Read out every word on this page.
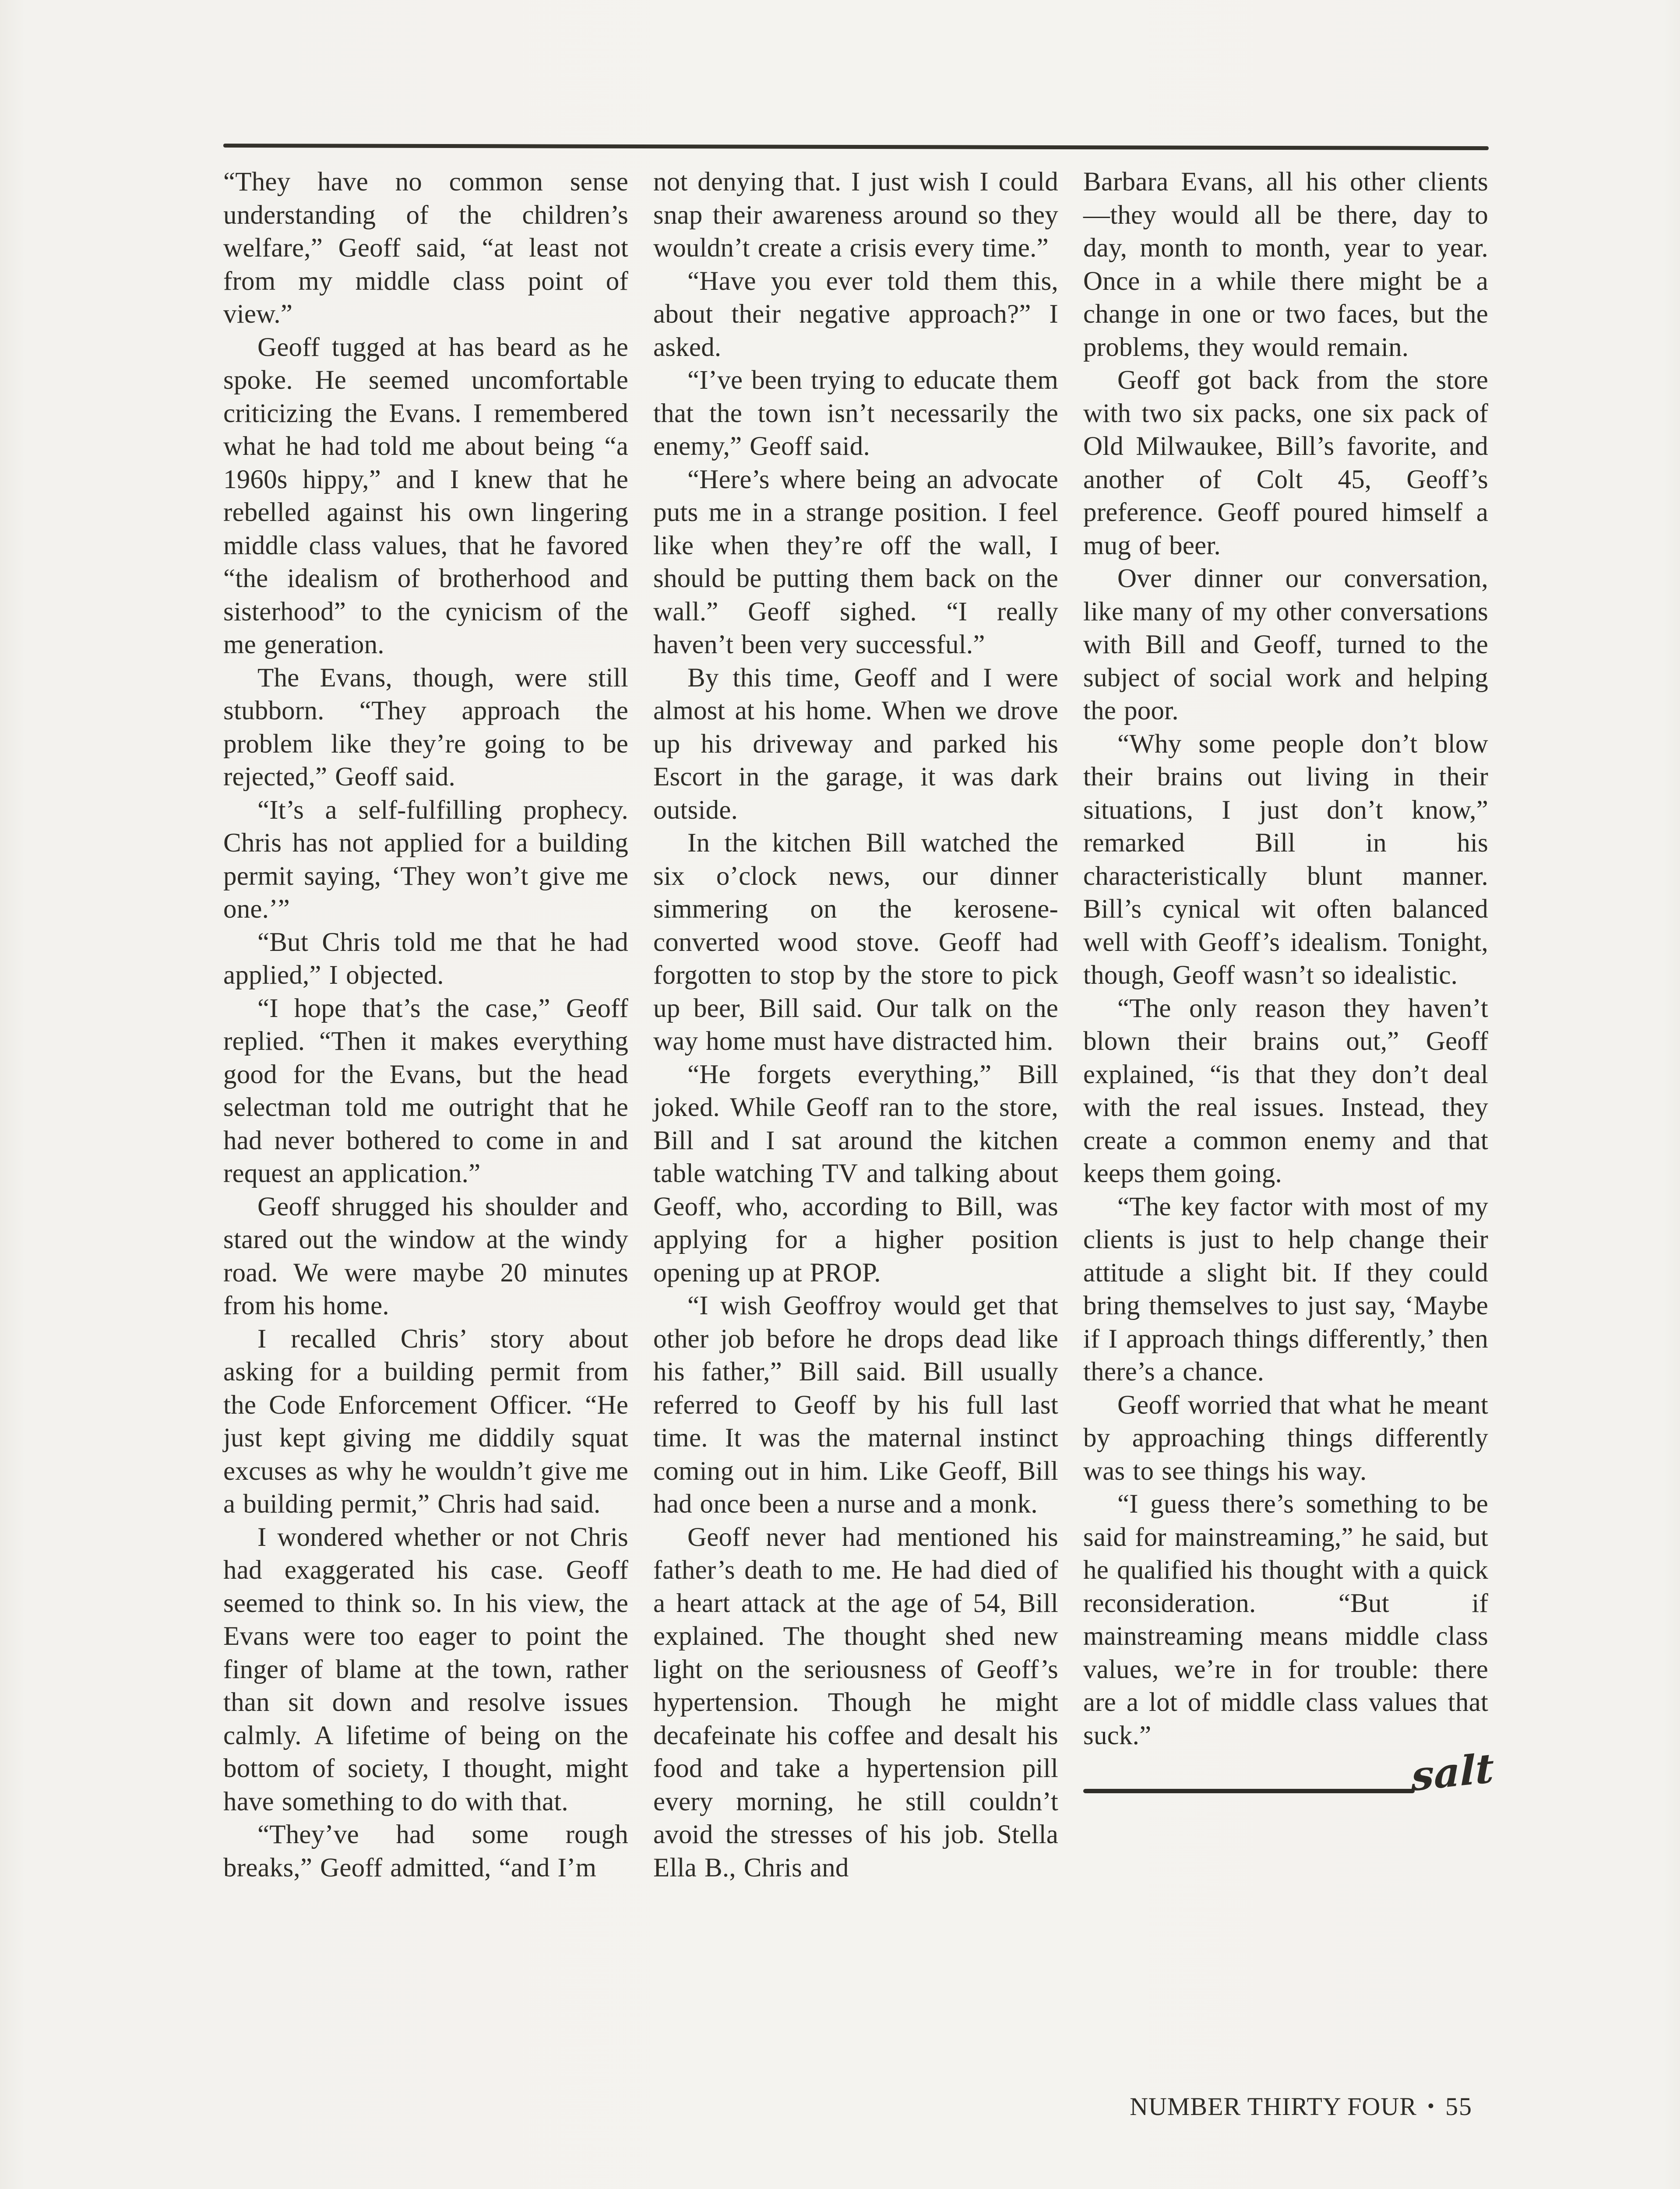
“They have no common sense understanding of the children’s welfare,” Geoff said, “at least not from my middle class point of view.”

Geoff tugged at has beard as he spoke. He seemed uncomfortable criticizing the Evans. I remembered what he had told me about being “a 1960s hippy,” and I knew that he rebelled against his own lingering middle class values, that he favored “the idealism of brotherhood and sisterhood” to the cynicism of the me generation.

The Evans, though, were still stubborn. “They approach the problem like they’re going to be rejected,” Geoff said.

“It’s a self-fulfilling prophecy. Chris has not applied for a building permit saying, ‘They won’t give me one.’”

“But Chris told me that he had applied,” I objected.

“I hope that’s the case,” Geoff replied. “Then it makes everything good for the Evans, but the head selectman told me outright that he had never bothered to come in and request an application.”

Geoff shrugged his shoulder and stared out the window at the windy road. We were maybe 20 minutes from his home.

I recalled Chris’ story about asking for a building permit from the Code Enforcement Officer. “He just kept giving me diddily squat excuses as why he wouldn’t give me a building permit,” Chris had said.

I wondered whether or not Chris had exaggerated his case. Geoff seemed to think so. In his view, the Evans were too eager to point the finger of blame at the town, rather than sit down and resolve issues calmly. A lifetime of being on the bottom of society, I thought, might have something to do with that.

“They’ve had some rough breaks,” Geoff admitted, “and I’m

not denying that. I just wish I could snap their awareness around so they wouldn’t create a crisis every time.”

“Have you ever told them this, about their negative approach?” I asked.

“I’ve been trying to educate them that the town isn’t necessarily the enemy,” Geoff said.

“Here’s where being an advocate puts me in a strange position. I feel like when they’re off the wall, I should be putting them back on the wall.” Geoff sighed. “I really haven’t been very successful.”

By this time, Geoff and I were almost at his home. When we drove up his driveway and parked his Escort in the garage, it was dark outside.

In the kitchen Bill watched the six o’clock news, our dinner simmering on the kerosene-converted wood stove. Geoff had forgotten to stop by the store to pick up beer, Bill said. Our talk on the way home must have distracted him.

“He forgets everything,” Bill joked. While Geoff ran to the store, Bill and I sat around the kitchen table watching TV and talking about Geoff, who, according to Bill, was applying for a higher position opening up at PROP.

“I wish Geoffroy would get that other job before he drops dead like his father,” Bill said. Bill usually referred to Geoff by his full last time. It was the maternal instinct coming out in him. Like Geoff, Bill had once been a nurse and a monk.

Geoff never had mentioned his father’s death to me. He had died of a heart attack at the age of 54, Bill explained. The thought shed new light on the seriousness of Geoff’s hypertension. Though he might decafeinate his coffee and desalt his food and take a hypertension pill every morning, he still couldn’t avoid the stresses of his job. Stella Ella B., Chris and

Barbara Evans, all his other clients—they would all be there, day to day, month to month, year to year. Once in a while there might be a change in one or two faces, but the problems, they would remain.

Geoff got back from the store with two six packs, one six pack of Old Milwaukee, Bill’s favorite, and another of Colt 45, Geoff’s preference. Geoff poured himself a mug of beer.

Over dinner our conversation, like many of my other conversations with Bill and Geoff, turned to the subject of social work and helping the poor.

“Why some people don’t blow their brains out living in their situations, I just don’t know,” remarked Bill in his characteristically blunt manner. Bill’s cynical wit often balanced well with Geoff’s idealism. Tonight, though, Geoff wasn’t so idealistic.

“The only reason they haven’t blown their brains out,” Geoff explained, “is that they don’t deal with the real issues. Instead, they create a common enemy and that keeps them going.

“The key factor with most of my clients is just to help change their attitude a slight bit. If they could bring themselves to just say, ‘Maybe if I approach things differently,’ then there’s a chance.

Geoff worried that what he meant by approaching things differently was to see things his way.

“I guess there’s something to be said for mainstreaming,” he said, but he qualified his thought with a quick reconsideration. “But if mainstreaming means middle class values, we’re in for trouble: there are a lot of middle class values that suck.”

salt
NUMBER THIRTY FOUR • 55
